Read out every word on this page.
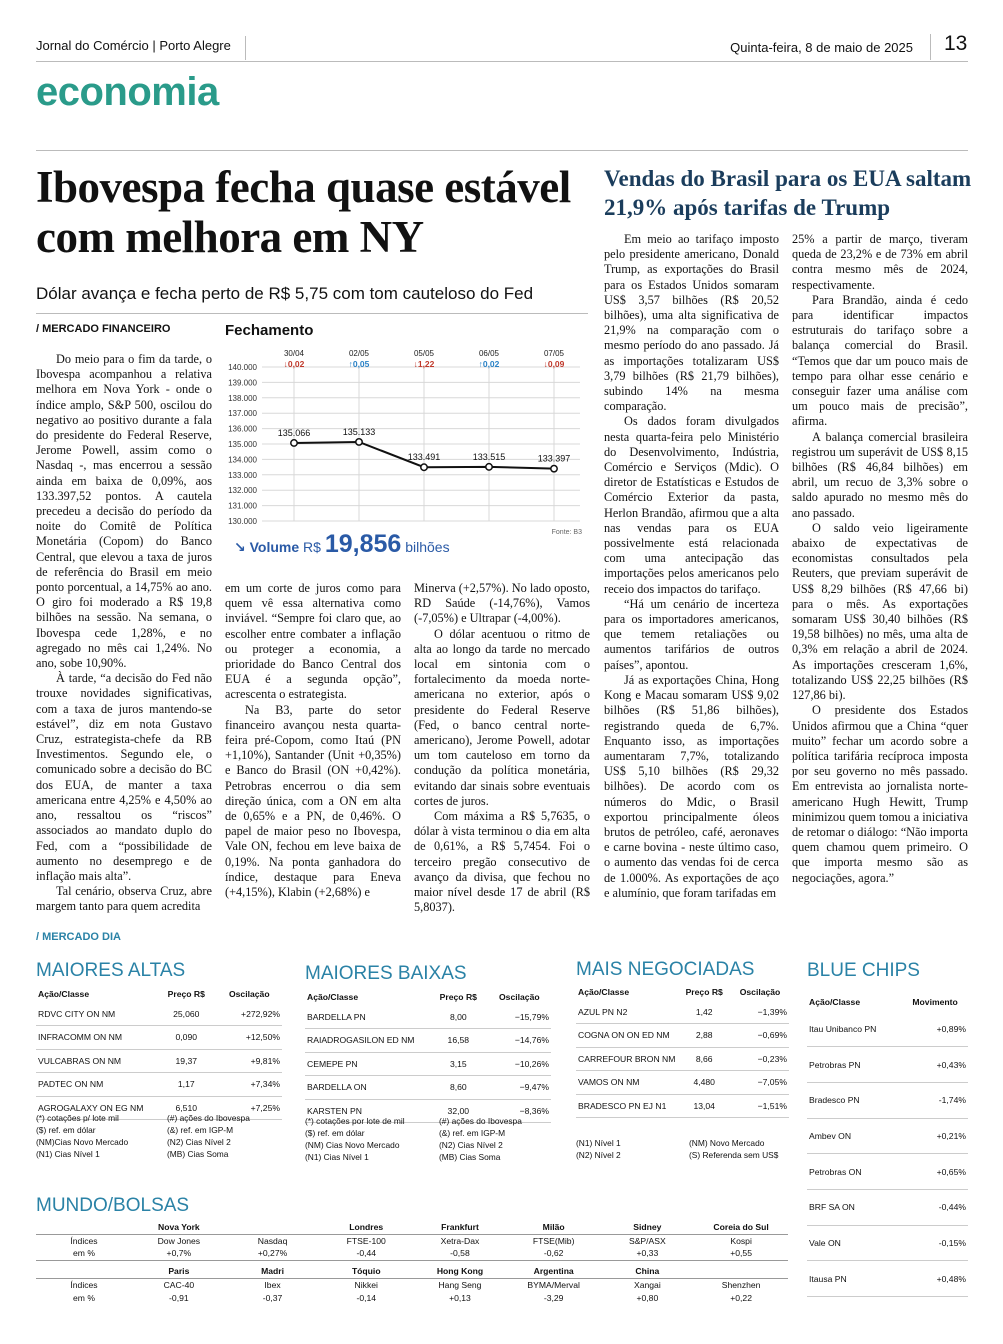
Jornal do Comércio | Porto Alegre	Quinta-feira, 8 de maio de 2025 13
economia
Ibovespa fecha quase estável com melhora em NY
Dólar avança e fecha perto de R$ 5,75 com tom cauteloso do Fed
/ MERCADO FINANCEIRO

Do meio para o fim da tarde, o Ibovespa acompanhou a relativa melhora em Nova York - onde o índice amplo, S&P 500, oscilou do negativo ao positivo durante a fala do presidente do Federal Reserve, Jerome Powell, assim como o Nasdaq -, mas encerrou a sessão ainda em baixa de 0,09%, aos 133.397,52 pontos. A cautela precedeu a decisão do período da noite do Comitê de Política Monetária (Copom) do Banco Central, que elevou a taxa de juros de referência do Brasil em meio ponto porcentual, a 14,75% ao ano. O giro foi moderado a R$ 19,8 bilhões na sessão. Na semana, o Ibovespa cede 1,28%, e no agregado no mês cai 1,24%. No ano, sobe 10,90%.

À tarde, “a decisão do Fed não trouxe novidades significativas, com a taxa de juros mantendo-se estável”, diz em nota Gustavo Cruz, estrategista-chefe da RB Investimentos. Segundo ele, o comunicado sobre a decisão do BC dos EUA, de manter a taxa americana entre 4,25% e 4,50% ao ano, ressaltou os “riscos” associados ao mandato duplo do Fed, com a “possibilidade de aumento no desemprego e de inflação mais alta”.

Tal cenário, observa Cruz, abre margem tanto para quem acredita

Fechamento
140.000
139.000
138.000
137.000
136.000
135.000
134.000
133.000
132.000
131.000
130.000
135.066
30/04
↓0,02
135.133
02/05
↑0,05
133.491
05/05
↓1,22
133.515
06/05
↑0,02
133.397
07/05
↓0,09
Fonte: B3
↘ Volume R$ 19,856 bilhões

em um corte de juros como para quem vê essa alternativa como inviável. “Sempre foi claro que, ao escolher entre combater a inflação ou proteger a economia, a prioridade do Banco Central dos EUA é a segunda opção”, acrescenta o estrategista.

Na B3, parte do setor financeiro avançou nesta quarta-feira pré-Copom, como Itaú (PN +1,10%), Santander (Unit +0,35%) e Banco do Brasil (ON +0,42%). Petrobras encerrou o dia sem direção única, com a ON em alta de 0,65% e a PN, de 0,46%. O papel de maior peso no Ibovespa, Vale ON, fechou em leve baixa de 0,19%. Na ponta ganhadora do índice, destaque para Eneva (+4,15%), Klabin (+2,68%) e

Minerva (+2,57%). No lado oposto, RD Saúde (-14,76%), Vamos (-7,05%) e Ultrapar (-4,00%).

O dólar acentuou o ritmo de alta ao longo da tarde no mercado local em sintonia com o fortalecimento da moeda norte-americana no exterior, após o presidente do Federal Reserve (Fed, o banco central norte-americano), Jerome Powell, adotar um tom cauteloso em torno da condução da política monetária, evitando dar sinais sobre eventuais cortes de juros.

Com máxima a R$ 5,7635, o dólar à vista terminou o dia em alta de 0,61%, a R$ 5,7454. Foi o terceiro pregão consecutivo de avanço da divisa, que fechou no maior nível desde 17 de abril (R$ 5,8037).

Vendas do Brasil para os EUA saltam 21,9% após tarifas de Trump

Em meio ao tarifaço imposto pelo presidente americano, Donald Trump, as exportações do Brasil para os Estados Unidos somaram US$ 3,57 bilhões (R$ 20,52 bilhões), uma alta significativa de 21,9% na comparação com o mesmo período do ano passado. Já as importações totalizaram US$ 3,79 bilhões (R$ 21,79 bilhões), subindo 14% na mesma comparação.

Os dados foram divulgados nesta quarta-feira pelo Ministério do Desenvolvimento, Indústria, Comércio e Serviços (Mdic). O diretor de Estatísticas e Estudos de Comércio Exterior da pasta, Herlon Brandão, afirmou que a alta nas vendas para os EUA possivelmente está relacionada com uma antecipação das importações pelos americanos pelo receio dos impactos do tarifaço.

“Há um cenário de incerteza para os importadores americanos, que temem retaliações ou aumentos tarifários de outros países”, apontou.

Já as exportações China, Hong Kong e Macau somaram US$ 9,02 bilhões (R$ 51,86 bilhões), registrando queda de 6,7%. Enquanto isso, as importações aumentaram 7,7%, totalizando US$ 5,10 bilhões (R$ 29,32 bilhões). De acordo com os números do Mdic, o Brasil exportou principalmente óleos brutos de petróleo, café, aeronaves e carne bovina - neste último caso, o aumento das vendas foi de cerca de 1.000%. As exportações de aço e alumínio, que foram tarifadas em

25% a partir de março, tiveram queda de 23,2% e de 73% em abril contra mesmo mês de 2024, respectivamente.

Para Brandão, ainda é cedo para identificar impactos estruturais do tarifaço sobre a balança comercial do Brasil. “Temos que dar um pouco mais de tempo para olhar esse cenário e conseguir fazer uma análise com um pouco mais de precisão”, afirma.

A balança comercial brasileira registrou um superávit de US$ 8,15 bilhões (R$ 46,84 bilhões) em abril, um recuo de 3,3% sobre o saldo apurado no mesmo mês do ano passado.

O saldo veio ligeiramente abaixo de expectativas de economistas consultados pela Reuters, que previam superávit de US$ 8,29 bilhões (R$ 47,66 bi) para o mês. As exportações somaram US$ 30,40 bilhões (R$ 19,58 bilhões) no mês, uma alta de 0,3% em relação a abril de 2024. As importações cresceram 1,6%, totalizando US$ 22,25 bilhões (R$ 127,86 bi).

O presidente dos Estados Unidos afirmou que a China “quer muito” fechar um acordo sobre a política tarifária recíproca imposta por seu governo no mês passado. Em entrevista ao jornalista norte-americano Hugh Hewitt, Trump minimizou quem tomou a iniciativa de retomar o diálogo: “Não importa quem chamou quem primeiro. O que importa mesmo são as negociações, agora.”

/ MERCADO DIA
MAIORES ALTAS
Ação/Classe	Preço R$	Oscilação
RDVC CITY ON NM	25,060	+272,92%
INFRACOMM ON NM	0,090	+12,50%
VULCABRAS ON NM	19,37	+9,81%
PADTEC ON NM	1,17	+7,34%
AGROGALAXY ON EG NM	6,510	+7,25%
(*) cotações p/ lote mil
($) ref. em dólar
(NM)Cias Novo Mercado
(N1) Cias Nível 1
(#) ações do Ibovespa
(&) ref. em IGP-M
(N2) Cias Nível 2
(MB) Cias Soma
MAIORES BAIXAS
Ação/Classe	Preço R$	Oscilação
BARDELLA PN	8,00	−15,79%
RAIADROGASILON ED NM	16,58	−14,76%
CEMEPE PN	3,15	−10,26%
BARDELLA ON	8,60	−9,47%
KARSTEN PN	32,00	−8,36%
(*) cotações por lote de mil
($) ref. em dólar
(NM) Cias Novo Mercado
(N1) Cias Nível 1
(#) ações do Ibovespa
(&) ref. em IGP-M
(N2) Cias Nível 2
(MB) Cias Soma
MAIS NEGOCIADAS
Ação/Classe	Preço R$	Oscilação
AZUL PN N2	1,42	−1,39%
COGNA ON ON ED NM	2,88	−0,69%
CARREFOUR BRON NM	8,66	−0,23%
VAMOS ON NM	4,480	−7,05%
BRADESCO PN EJ N1	13,04	−1,51%
(N1) Nível 1
(N2) Nível 2
(NM) Novo Mercado
(S) Referenda sem US$
BLUE CHIPS
Ação/Classe	Movimento
Itau Unibanco PN	+0,89%
Petrobras PN	+0,43%
Bradesco PN	-1,74%
Ambev ON	+0,21%
Petrobras ON	+0,65%
BRF SA ON	-0,44%
Vale ON	-0,15%
Itausa PN	+0,48%
MUNDO/BOLSAS
	Nova York		Londres	Frankfurt	Milão	Sidney	Coreia do Sul
Índices	Dow Jones	Nasdaq	FTSE-100	Xetra-Dax	FTSE(Mib)	S&P/ASX	Kospi
em %	+0,7%	+0,27%	-0,44	-0,58	-0,62	+0,33	+0,55

	Paris	Madri	Tóquio	Hong Kong	Argentina	China	
Índices	CAC-40	Ibex	Nikkei	Hang Seng	BYMA/Merval	Xangai	Shenzhen
em %	-0,91	-0,37	-0,14	+0,13	-3,29	+0,80	+0,22
